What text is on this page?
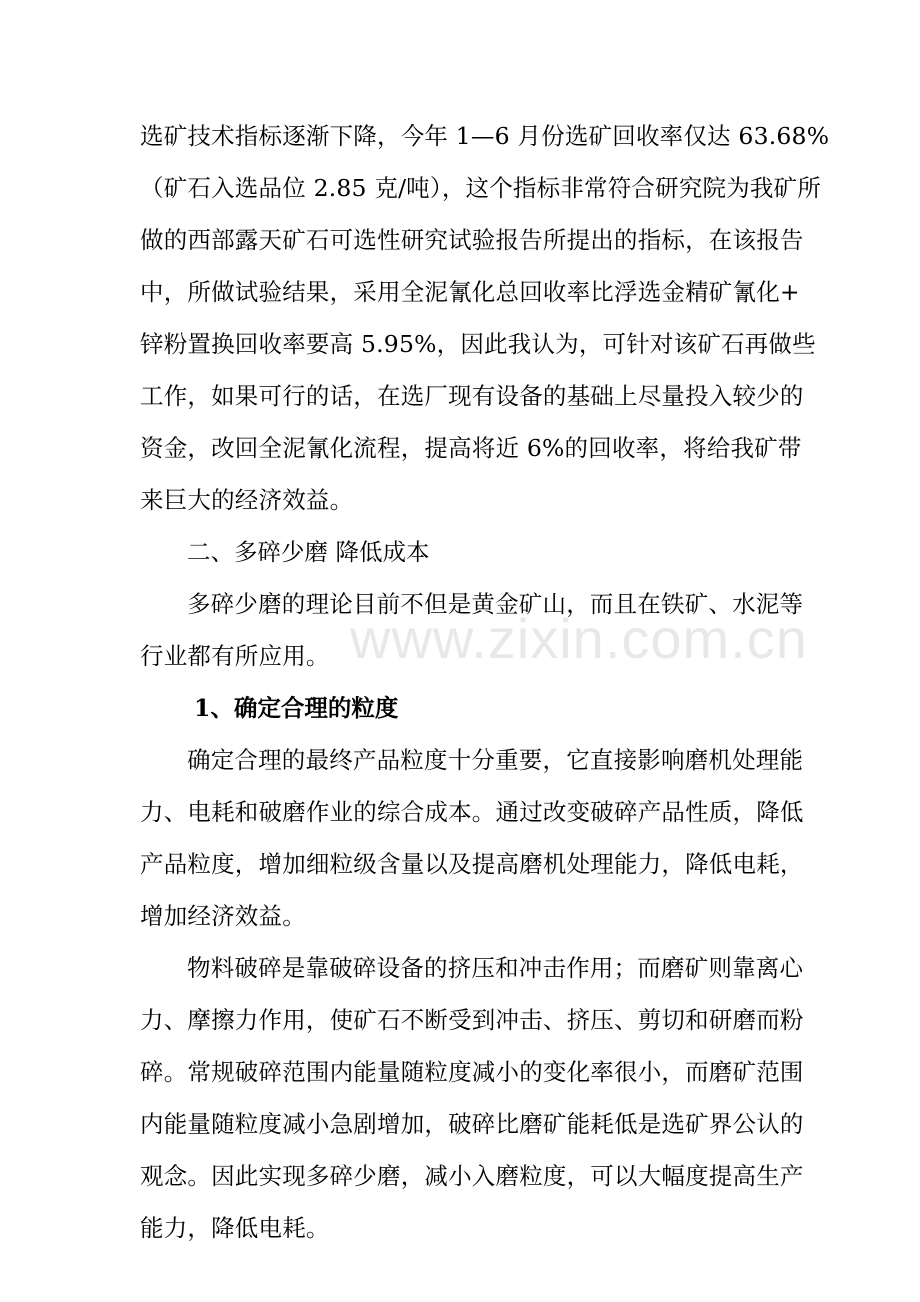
www.zixin.com.cn
选矿技术指标逐渐下降，今年 1—6 月份选矿回收率仅达 63.68%
（矿石入选品位 2.85 克/吨），这个指标非常符合研究院为我矿所
做的西部露天矿石可选性研究试验报告所提出的指标，在该报告
中，所做试验结果，采用全泥氰化总回收率比浮选金精矿氰化+
锌粉置换回收率要高 5.95%，因此我认为，可针对该矿石再做些
工作，如果可行的话，在选厂现有设备的基础上尽量投入较少的
资金，改回全泥氰化流程，提高将近 6%的回收率，将给我矿带
来巨大的经济效益。
二、多碎少磨 降低成本
多碎少磨的理论目前不但是黄金矿山，而且在铁矿、水泥等
行业都有所应用。
1、确定合理的粒度
确定合理的最终产品粒度十分重要，它直接影响磨机处理能
力、电耗和破磨作业的综合成本。通过改变破碎产品性质，降低
产品粒度，增加细粒级含量以及提高磨机处理能力，降低电耗，
增加经济效益。
物料破碎是靠破碎设备的挤压和冲击作用；而磨矿则靠离心
力、摩擦力作用，使矿石不断受到冲击、挤压、剪切和研磨而粉
碎。常规破碎范围内能量随粒度减小的变化率很小，而磨矿范围
内能量随粒度减小急剧增加，破碎比磨矿能耗低是选矿界公认的
观念。因此实现多碎少磨，减小入磨粒度，可以大幅度提高生产
能力，降低电耗。
